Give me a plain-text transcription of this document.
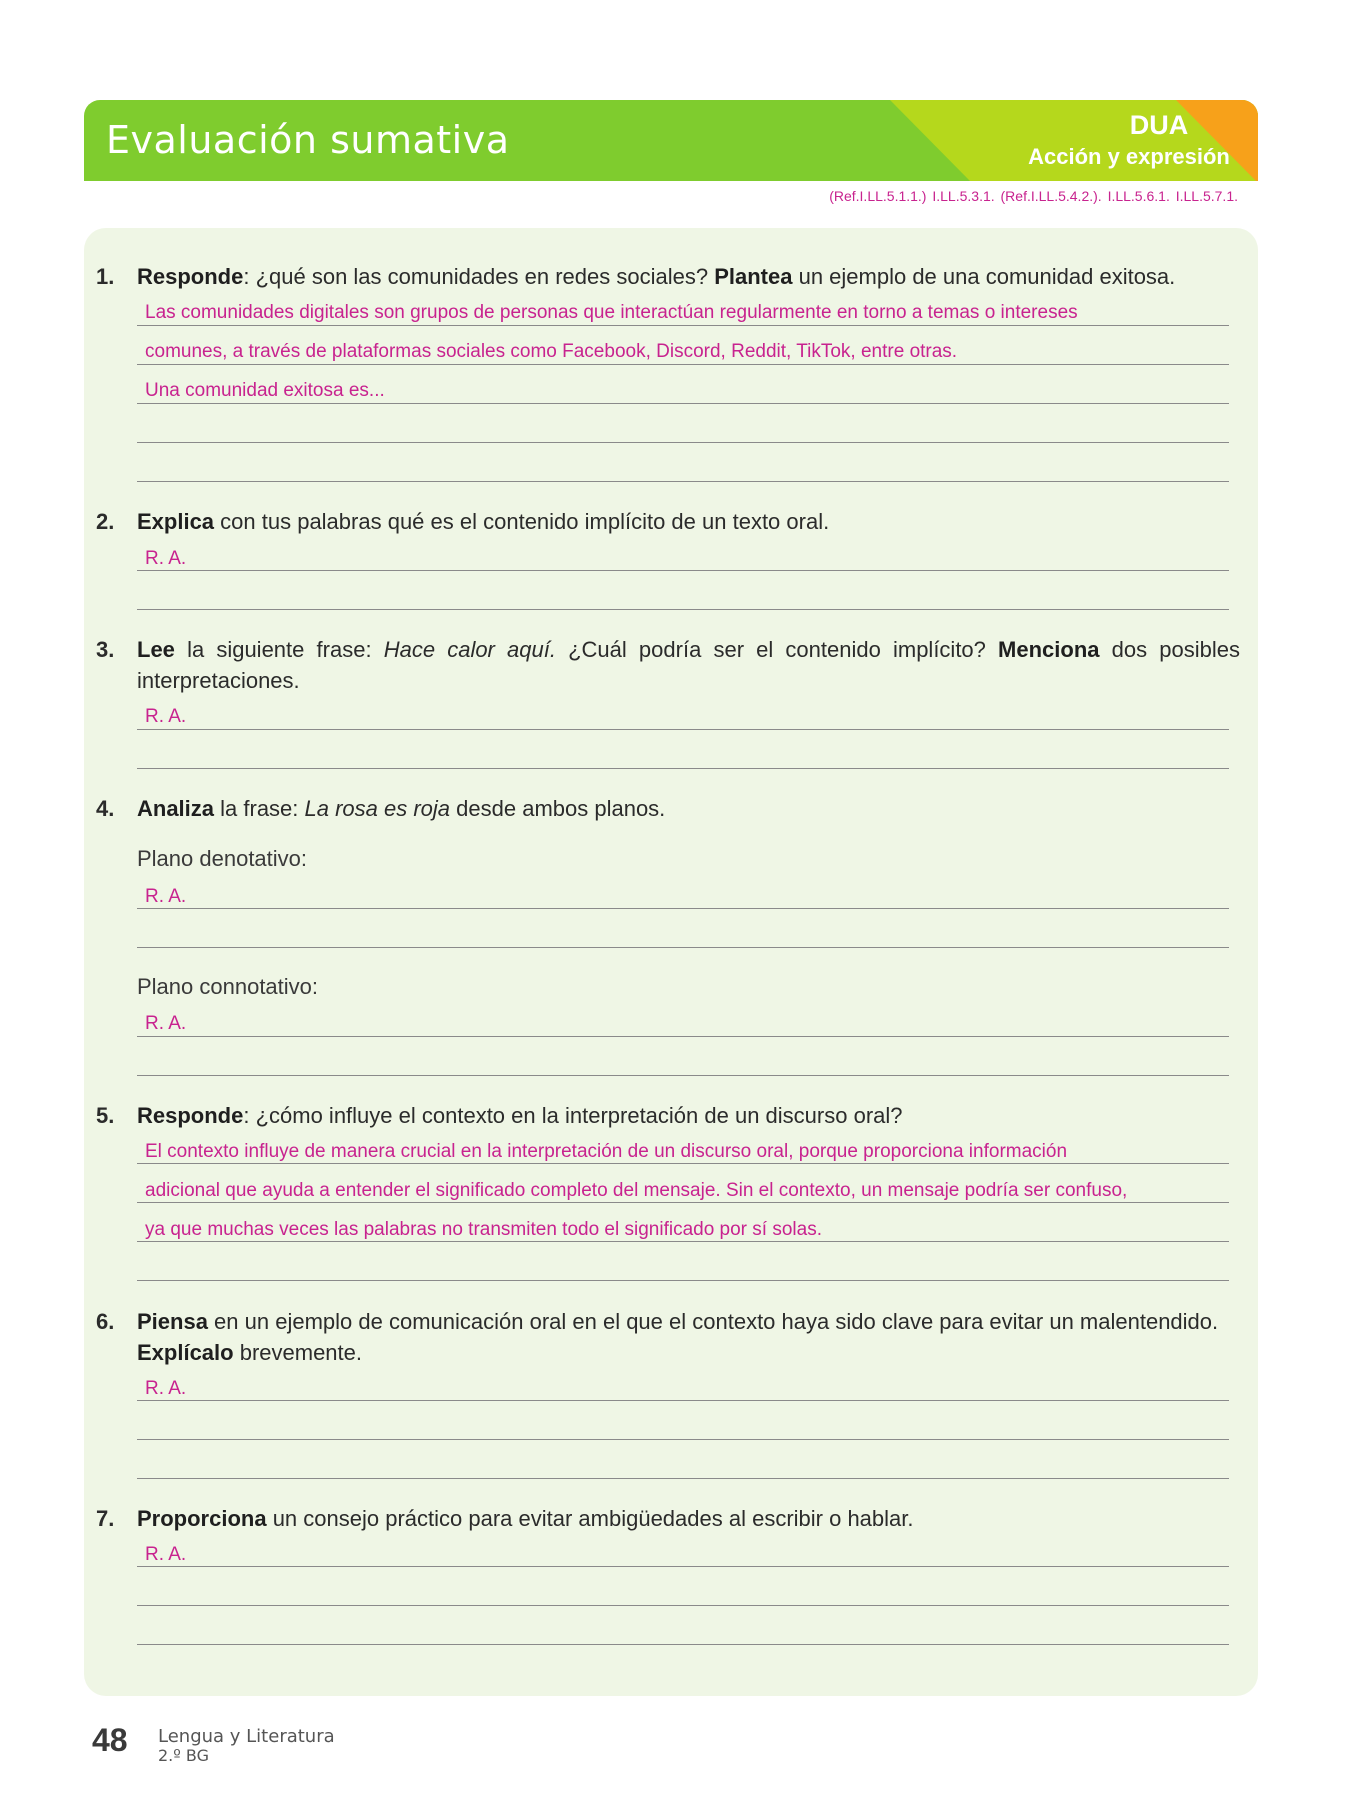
Evaluación sumativa	DUA
Acción y expresión
(Ref.I.LL.5.1.1.) I.LL.5.3.1. (Ref.I.LL.5.4.2.). I.LL.5.6.1. I.LL.5.7.1.
1. Responde: ¿qué son las comunidades en redes sociales? Plantea un ejemplo de una comunidad exitosa.
Las comunidades digitales son grupos de personas que interactúan regularmente en torno a temas o intereses
comunes, a través de plataformas sociales como Facebook, Discord, Reddit, TikTok, entre otras.
Una comunidad exitosa es...
2. Explica con tus palabras qué es el contenido implícito de un texto oral.
R. A.
3. Lee la siguiente frase: Hace calor aquí. ¿Cuál podría ser el contenido implícito? Menciona dos posibles interpretaciones.
R. A.
4. Analiza la frase: La rosa es roja desde ambos planos.
Plano denotativo:
R. A.
Plano connotativo:
R. A.
5. Responde: ¿cómo influye el contexto en la interpretación de un discurso oral?
El contexto influye de manera crucial en la interpretación de un discurso oral, porque proporciona información
adicional que ayuda a entender el significado completo del mensaje. Sin el contexto, un mensaje podría ser confuso,
ya que muchas veces las palabras no transmiten todo el significado por sí solas.
6. Piensa en un ejemplo de comunicación oral en el que el contexto haya sido clave para evitar un malentendido.
Explícalo brevemente.
R. A.
7. Proporciona un consejo práctico para evitar ambigüedades al escribir o hablar.
R. A.
48 Lengua y Literatura
2.º BG
